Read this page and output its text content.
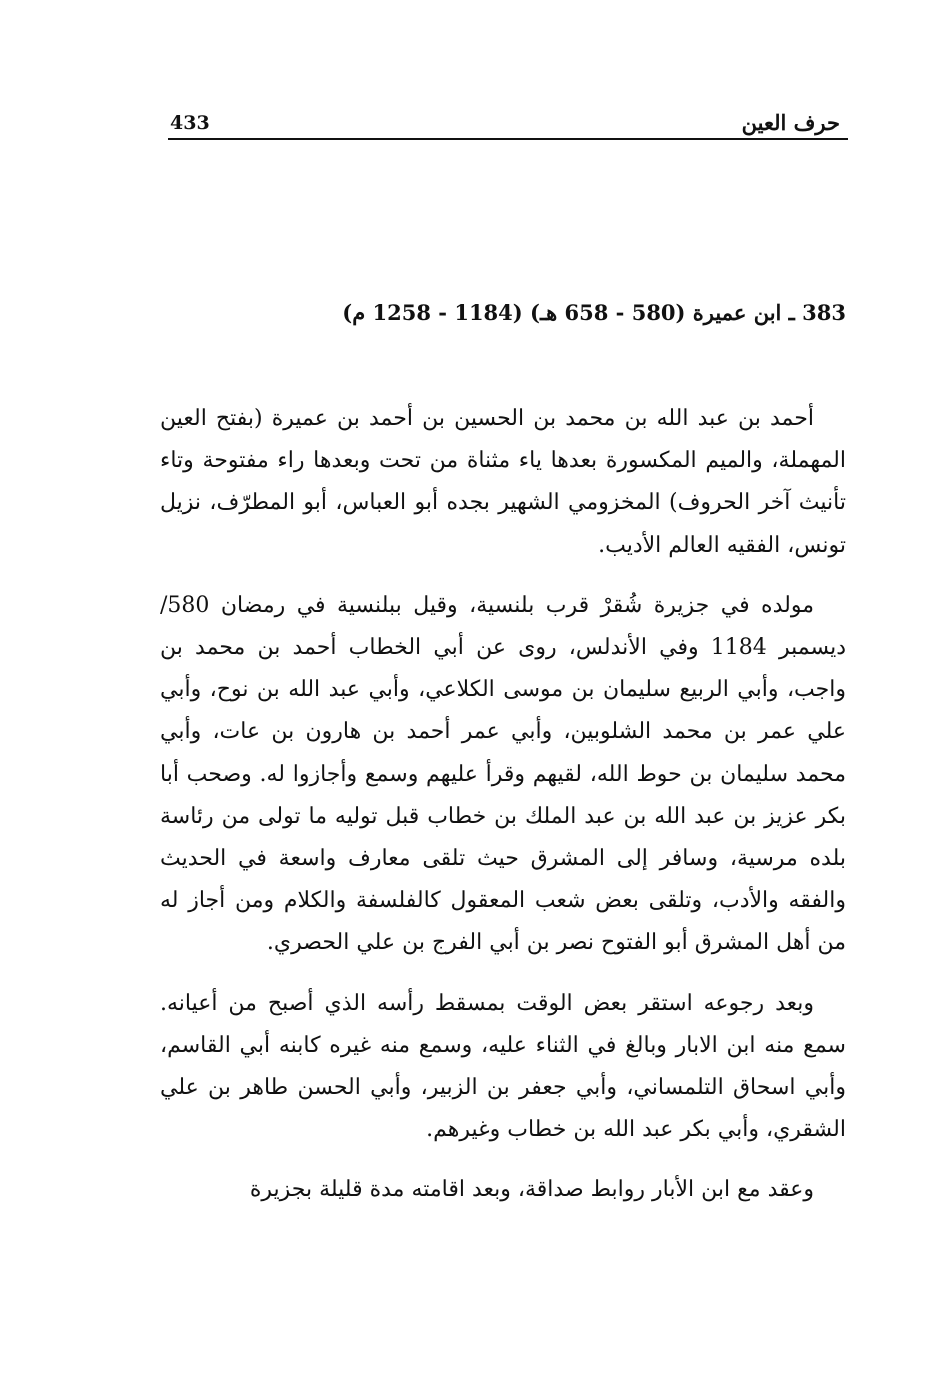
حرف العين
433
383 ـ ابن عميرة (580 - 658 هـ) (1184 - 1258 م)

أحمد بن عبد الله بن محمد بن الحسين بن أحمد بن عميرة (بفتح العين المهملة، والميم المكسورة بعدها ياء مثناة من تحت وبعدها راء مفتوحة وتاء تأنيث آخر الحروف) المخزومي الشهير بجده أبو العباس، أبو المطرّف، نزيل تونس، الفقيه العالم الأديب.

مولده في جزيرة شُقرْ قرب بلنسية، وقيل ببلنسية في رمضان 580/ديسمبر 1184 وفي الأندلس، روى عن أبي الخطاب أحمد بن محمد بن واجب، وأبي الربيع سليمان بن موسى الكلاعي، وأبي عبد الله بن نوح، وأبي علي عمر بن محمد الشلوبين، وأبي عمر أحمد بن هارون بن عات، وأبي محمد سليمان بن حوط الله، لقيهم وقرأ عليهم وسمع وأجازوا له. وصحب أبا بكر عزيز بن عبد الله بن عبد الملك بن خطاب قبل توليه ما تولى من رئاسة بلده مرسية، وسافر إلى المشرق حيث تلقى معارف واسعة في الحديث والفقه والأدب، وتلقى بعض شعب المعقول كالفلسفة والكلام ومن أجاز له من أهل المشرق أبو الفتوح نصر بن أبي الفرج بن علي الحصري.

وبعد رجوعه استقر بعض الوقت بمسقط رأسه الذي أصبح من أعيانه. سمع منه ابن الابار وبالغ في الثناء عليه، وسمع منه غيره كابنه أبي القاسم، وأبي اسحاق التلمساني، وأبي جعفر بن الزبير، وأبي الحسن طاهر بن علي الشقري، وأبي بكر عبد الله بن خطاب وغيرهم.

وعقد مع ابن الأبار روابط صداقة، وبعد اقامته مدة قليلة بجزيرة
